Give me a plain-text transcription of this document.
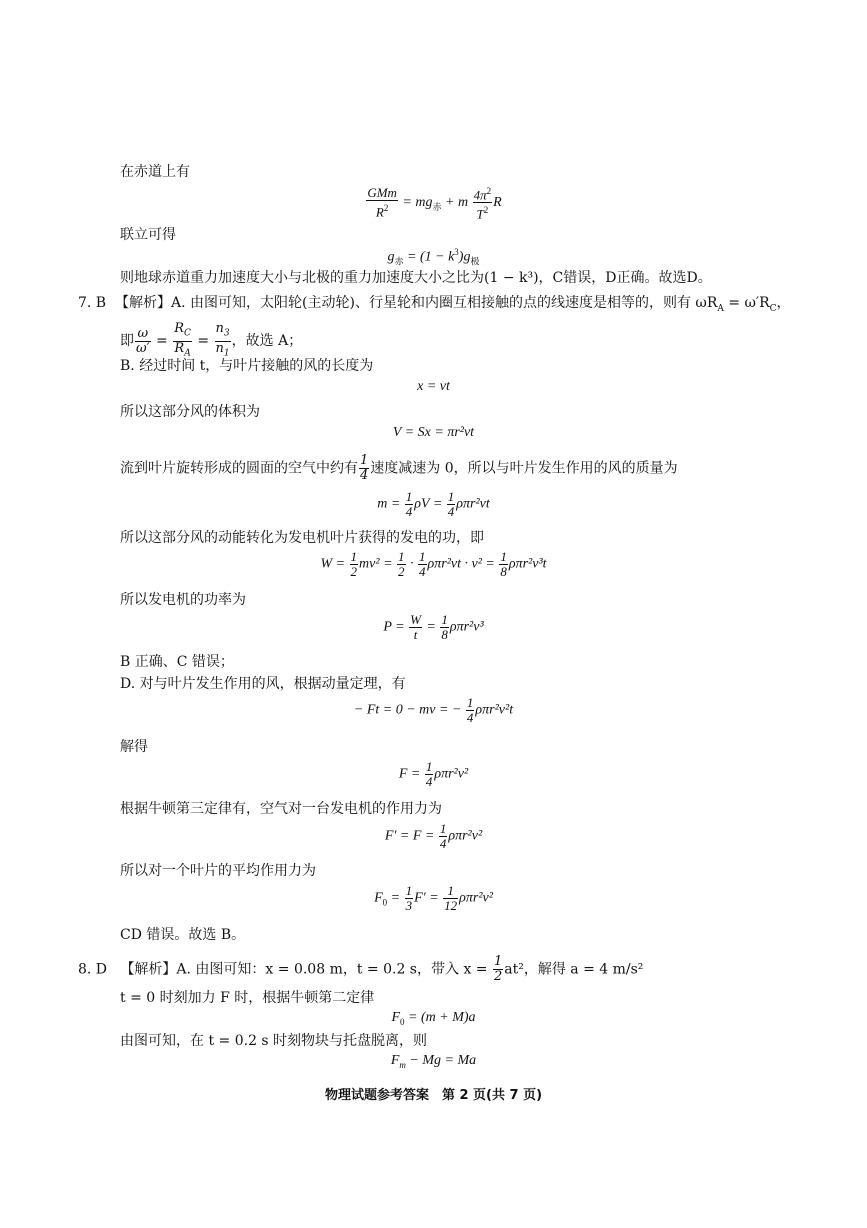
在赤道上有
$\frac{\text{GMm}}{R^2} = mg_赤 + m \frac{4\pi^2}{T^2}$ R
联立可得
$g_赤 = (1 - k^3)g_极$
则地球赤道重力加速度大小与北极的重力加速度大小之比为(1 − k³)，C错误，D正确。故选D。
7. B 【解析】A. 由图可知，太阳轮(主动轮)、行星轮和内圈互相接触的点的线速度是相等的，则有 $\omega R_A = \omega'R_C$，
即 $\frac{\omega}{\omega'} = \frac{R_C}{R_A} = \frac{n_3}{n_1}$ ，故选 A；
B. 经过时间 t，与叶片接触的风的长度为
x = vt
所以这部分风的体积为
V = Sx = πr²vt
流到叶片旋转形成的圆面的空气中约有 $\frac{1}{4}$ 速度减速为 0，所以与叶片发生作用的风的质量为
$m = \frac{1}{4}$ $\rho V = \frac{1}{4} \rho\pi r^2vt$
所以这部分风的动能转化为发电机叶片获得的发电的功，即
$W = \frac{1}{2} mv^2 = \frac{1}{2} \cdot \frac{1}{4} \rho\pi r^2vt \cdot v^2 = \frac{1}{8} \rho\pi r^2v^3t$
所以发电机的功率为
$P = \frac{W}{t} = \frac{1}{8} \rho\pi r^2v^3$
B 正确、C 错误；
D. 对与叶片发生作用的风，根据动量定理，有
− Ft = 0 − mv = − $\frac{1}{4} \rho\pi r^2v^2t$
解得
$F = \frac{1}{4} \rho\pi r^2v^2$
根据牛顿第三定律有，空气对一台发电机的作用力为
$F' = F = \frac{1}{4} \rho\pi r^2v^2$
所以对一个叶片的平均作用力为
$F_0 = \frac{1}{3} F' = \frac{1}{12} \rho\pi r^2v^2$
CD 错误。故选 B。
8. D 【解析】A. 由图可知：x = 0.08 m，t = 0.2 s，带入 $x = \frac{1}{2} at^2$，解得 a = 4 m/s²
t = 0 时刻加力 F 时，根据牛顿第二定律
$F_0 = (m + M)a$
由图可知，在 t = 0.2 s 时刻物块与托盘脱离，则
$F_m - Mg = Ma$
物理试题参考答案　第 2 页(共 7 页)
